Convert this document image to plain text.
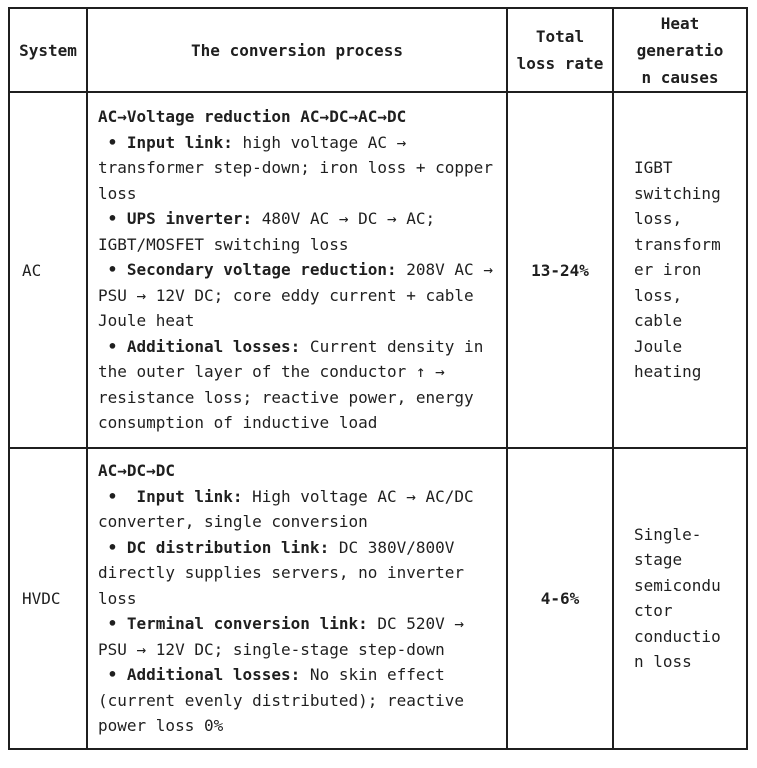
System	The conversion process	Total loss rate	Heat generation causes
AC	AC→Voltage reduction AC→DC→AC→DC

• Input link: high voltage AC → transformer step-down; iron loss + copper loss

• UPS inverter: 480V AC → DC → AC; IGBT/MOSFET switching loss

• Secondary voltage reduction: 208V AC → PSU → 12V DC; core eddy current + cable Joule heat

• Additional losses: Current density in the outer layer of the conductor ↑ → resistance loss; reactive power, energy consumption of inductive load	13-24%	IGBT switching loss, transformer iron loss, cable Joule heating
HVDC	AC→DC→DC

•  Input link: High voltage AC → AC/DC converter, single conversion

• DC distribution link: DC 380V/800V directly supplies servers, no inverter loss

• Terminal conversion link: DC 520V → PSU → 12V DC; single-stage step-down

• Additional losses: No skin effect (current evenly distributed); reactive power loss 0%	4-6%	Single-stage semiconductor conduction loss
